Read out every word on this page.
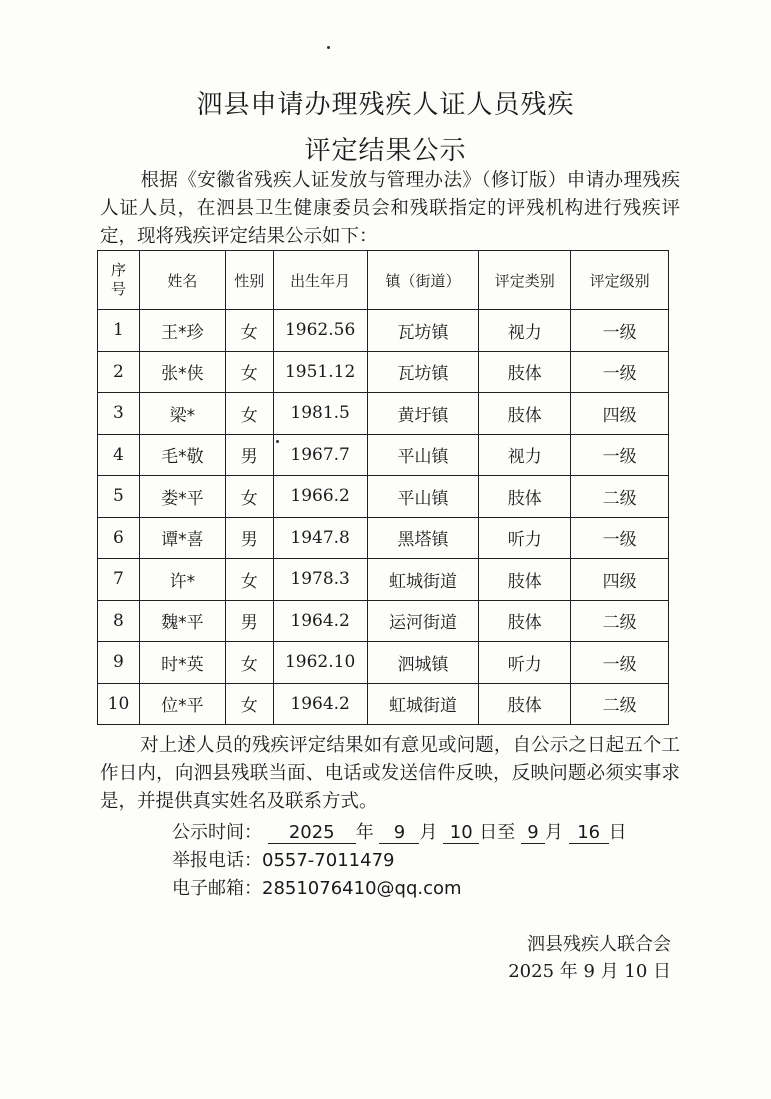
泗县申请办理残疾人证人员残疾
评定结果公示
根据《安徽省残疾人证发放与管理办法》（修订版）申请办理残疾人证人员，在泗县卫生健康委员会和残联指定的评残机构进行残疾评定，现将残疾评定结果公示如下：
序
号	姓名	性别	出生年月	镇（街道）	评定类别	评定级别
1	王*珍	女	1962.56	瓦坊镇	视力	一级
2	张*侠	女	1951.12	瓦坊镇	肢体	一级
3	梁*	女	1981.5	黄圩镇	肢体	四级
4	毛*敬	男	1967.7	平山镇	视力	一级
5	娄*平	女	1966.2	平山镇	肢体	二级
6	谭*喜	男	1947.8	黑塔镇	听力	一级
7	许*	女	1978.3	虹城街道	肢体	四级
8	魏*平	男	1964.2	运河街道	肢体	二级
9	时*英	女	1962.10	泗城镇	听力	一级
10	位*平	女	1964.2	虹城街道	肢体	二级
对上述人员的残疾评定结果如有意见或问题，自公示之日起五个工作日内，向泗县残联当面、电话或发送信件反映，反映问题必须实事求是，并提供真实姓名及联系方式。
公示时间： 2025 年 9 月 10 日至 9 月 16 日
举报电话：0557-7011479
电子邮箱：2851076410@qq.com
泗县残疾人联合会
2025 年 9 月 10 日
